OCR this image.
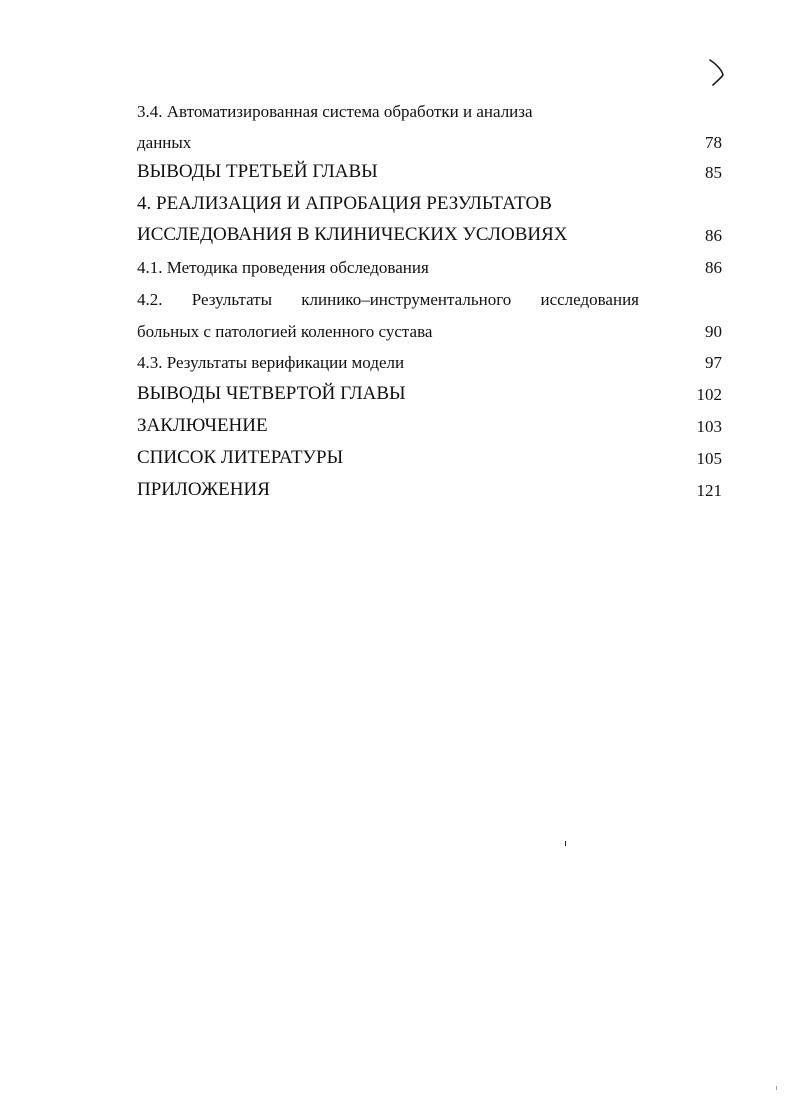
3.4. Автоматизированная система обработки и анализа
данных	78
ВЫВОДЫ ТРЕТЬЕЙ ГЛАВЫ	85
4. РЕАЛИЗАЦИЯ И АПРОБАЦИЯ РЕЗУЛЬТАТОВ
ИССЛЕДОВАНИЯ В КЛИНИЧЕСКИХ УСЛОВИЯХ	86
4.1. Методика проведения обследования	86
4.2. Результаты клинико–инструментального исследования
больных с патологией коленного сустава	90
4.3. Результаты верификации модели	97
ВЫВОДЫ ЧЕТВЕРТОЙ ГЛАВЫ	102
ЗАКЛЮЧЕНИЕ	103
СПИСОК ЛИТЕРАТУРЫ	105
ПРИЛОЖЕНИЯ	121
